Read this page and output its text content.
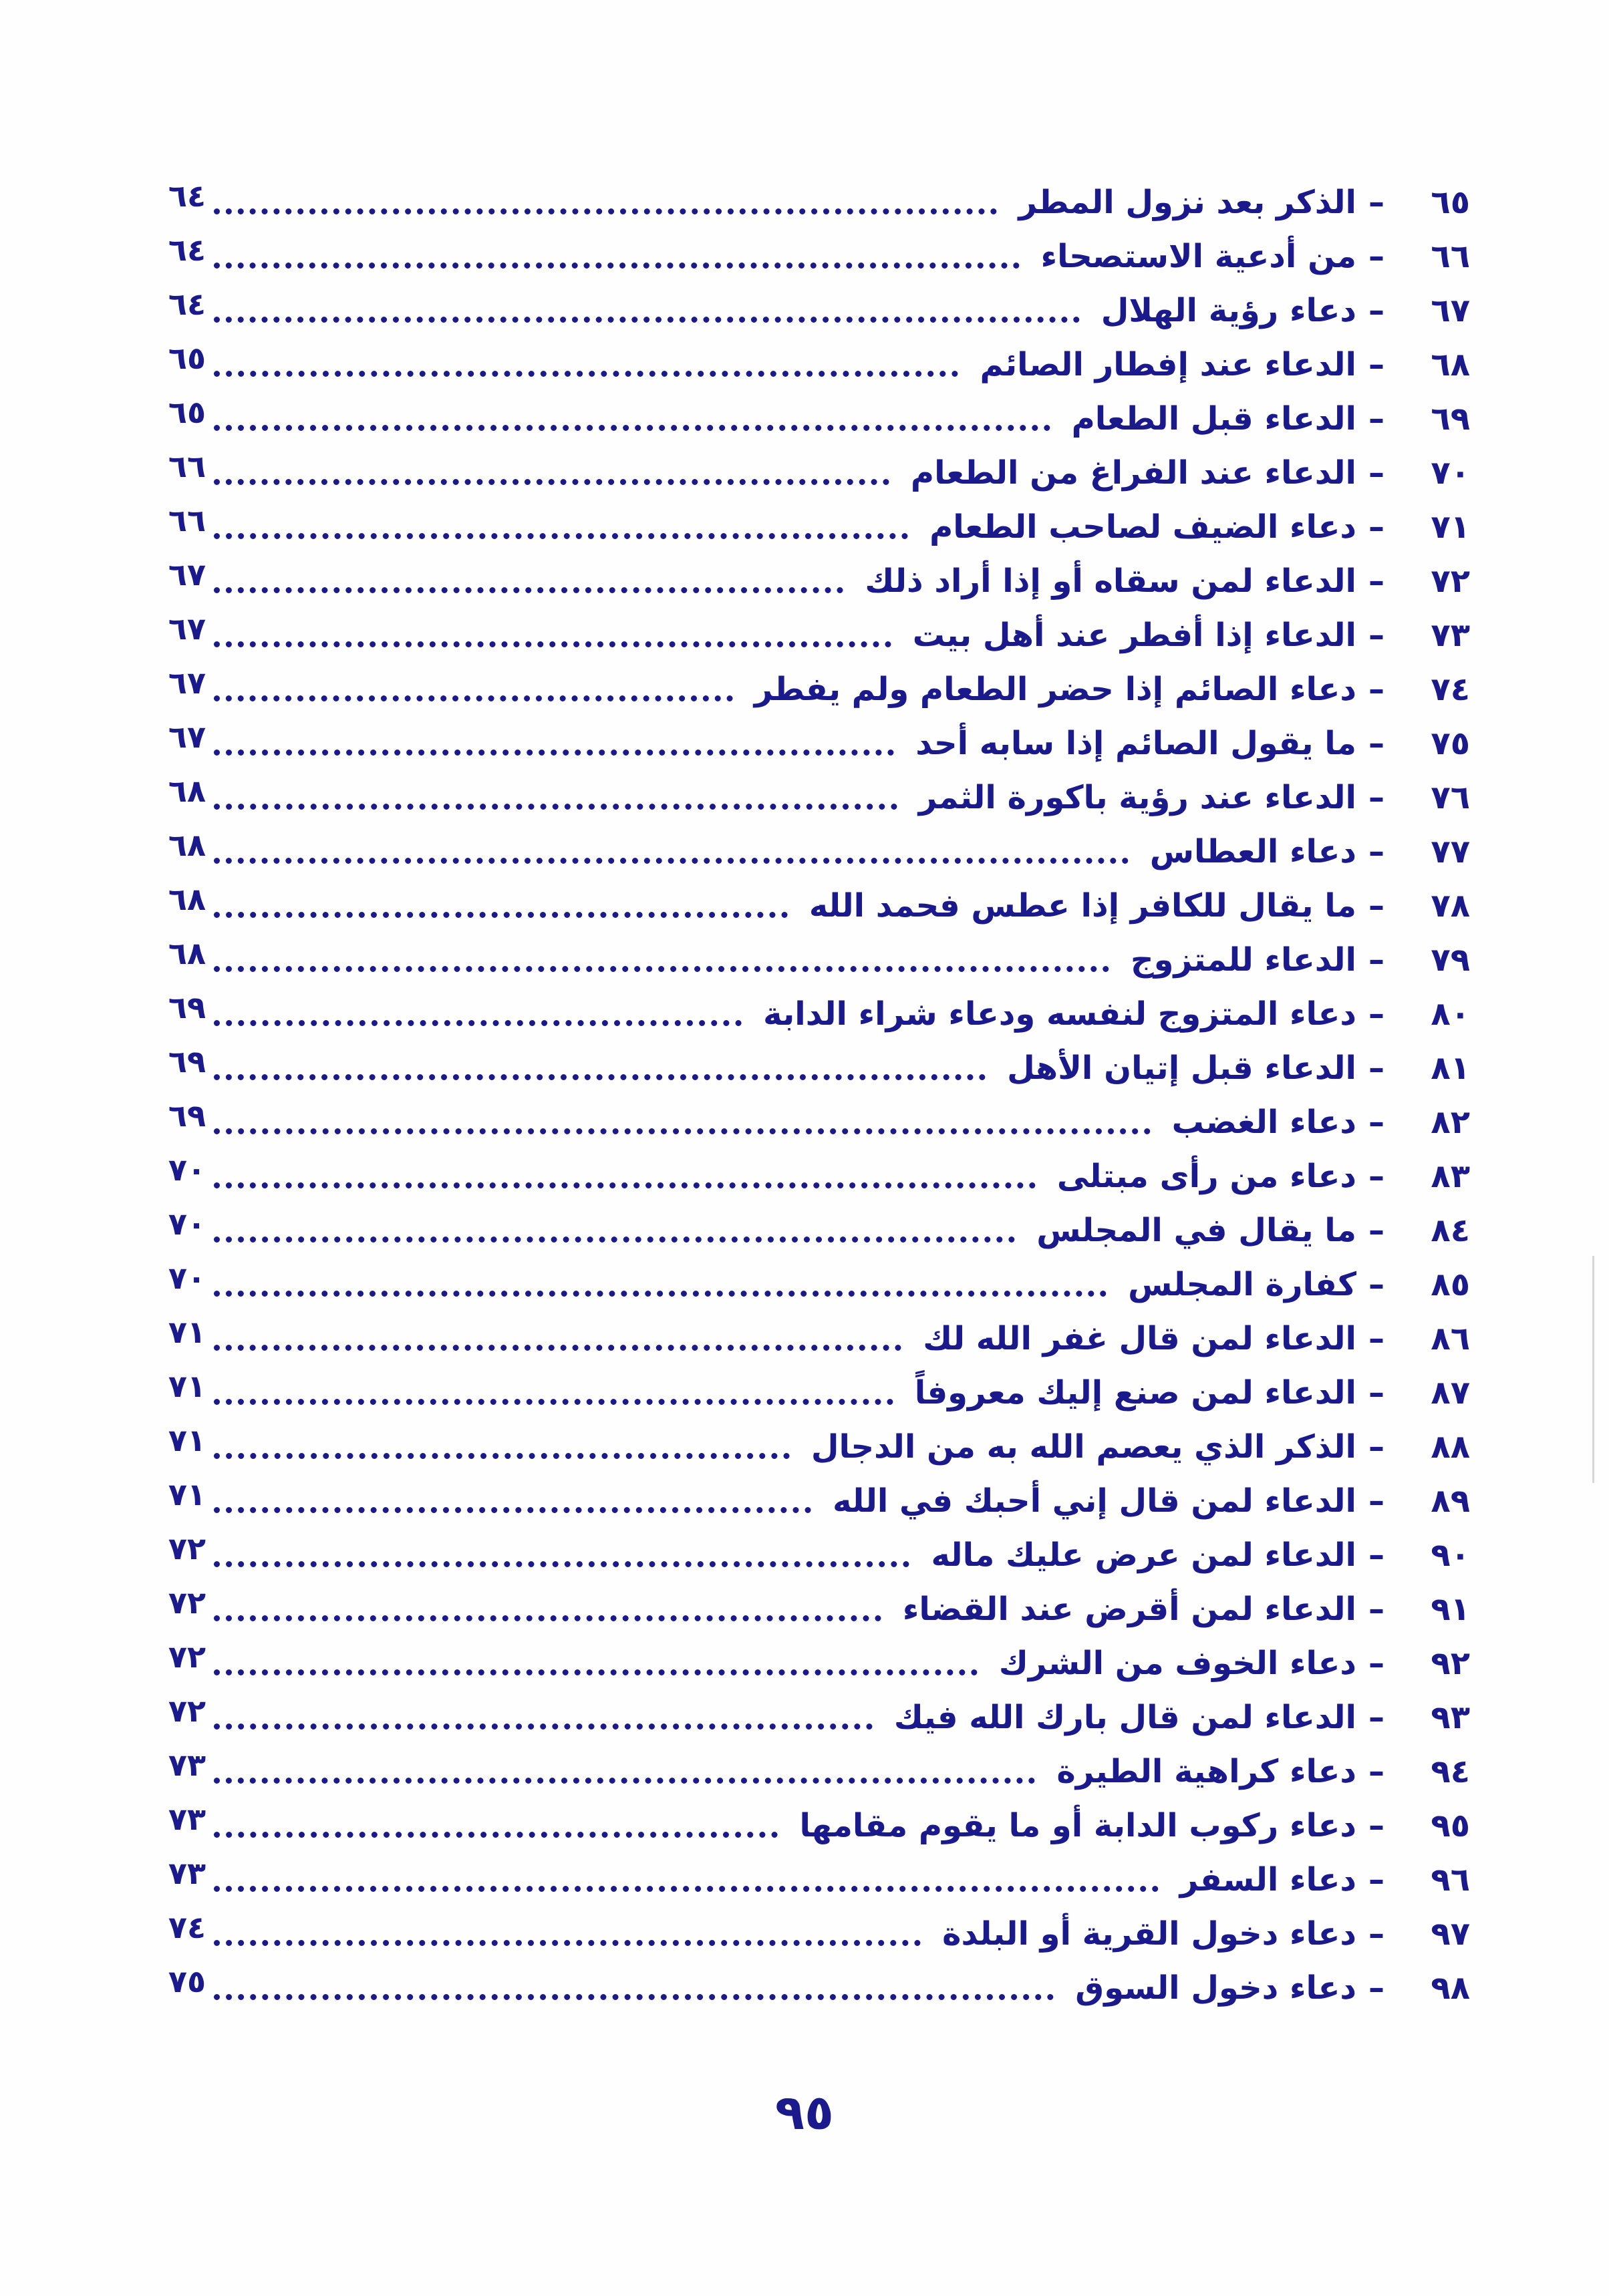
٦٥
–
الذكر بعد نزول المطر
٦٤
٦٦
–
من أدعية الاستصحاء
٦٤
٦٧
–
دعاء رؤية الهلال
٦٤
٦٨
–
الدعاء عند إفطار الصائم
٦٥
٦٩
–
الدعاء قبل الطعام
٦٥
٧٠
–
الدعاء عند الفراغ من الطعام
٦٦
٧١
–
دعاء الضيف لصاحب الطعام
٦٦
٧٢
–
الدعاء لمن سقاه أو إذا أراد ذلك
٦٧
٧٣
–
الدعاء إذا أفطر عند أهل بيت
٦٧
٧٤
–
دعاء الصائم إذا حضر الطعام ولم يفطر
٦٧
٧٥
–
ما يقول الصائم إذا سابه أحد
٦٧
٧٦
–
الدعاء عند رؤية باكورة الثمر
٦٨
٧٧
–
دعاء العطاس
٦٨
٧٨
–
ما يقال للكافر إذا عطس فحمد الله
٦٨
٧٩
–
الدعاء للمتزوج
٦٨
٨٠
–
دعاء المتزوج لنفسه ودعاء شراء الدابة
٦٩
٨١
–
الدعاء قبل إتيان الأهل
٦٩
٨٢
–
دعاء الغضب
٦٩
٨٣
–
دعاء من رأى مبتلى
٧٠
٨٤
–
ما يقال في المجلس
٧٠
٨٥
–
كفارة المجلس
٧٠
٨٦
–
الدعاء لمن قال غفر الله لك
٧١
٨٧
–
الدعاء لمن صنع إليك معروفاً
٧١
٨٨
–
الذكر الذي يعصم الله به من الدجال
٧١
٨٩
–
الدعاء لمن قال إني أحبك في الله
٧١
٩٠
–
الدعاء لمن عرض عليك ماله
٧٢
٩١
–
الدعاء لمن أقرض عند القضاء
٧٢
٩٢
–
دعاء الخوف من الشرك
٧٢
٩٣
–
الدعاء لمن قال بارك الله فيك
٧٢
٩٤
–
دعاء كراهية الطيرة
٧٣
٩٥
–
دعاء ركوب الدابة أو ما يقوم مقامها
٧٣
٩٦
–
دعاء السفر
٧٣
٩٧
–
دعاء دخول القرية أو البلدة
٧٤
٩٨
–
دعاء دخول السوق
٧٥
٩٥
